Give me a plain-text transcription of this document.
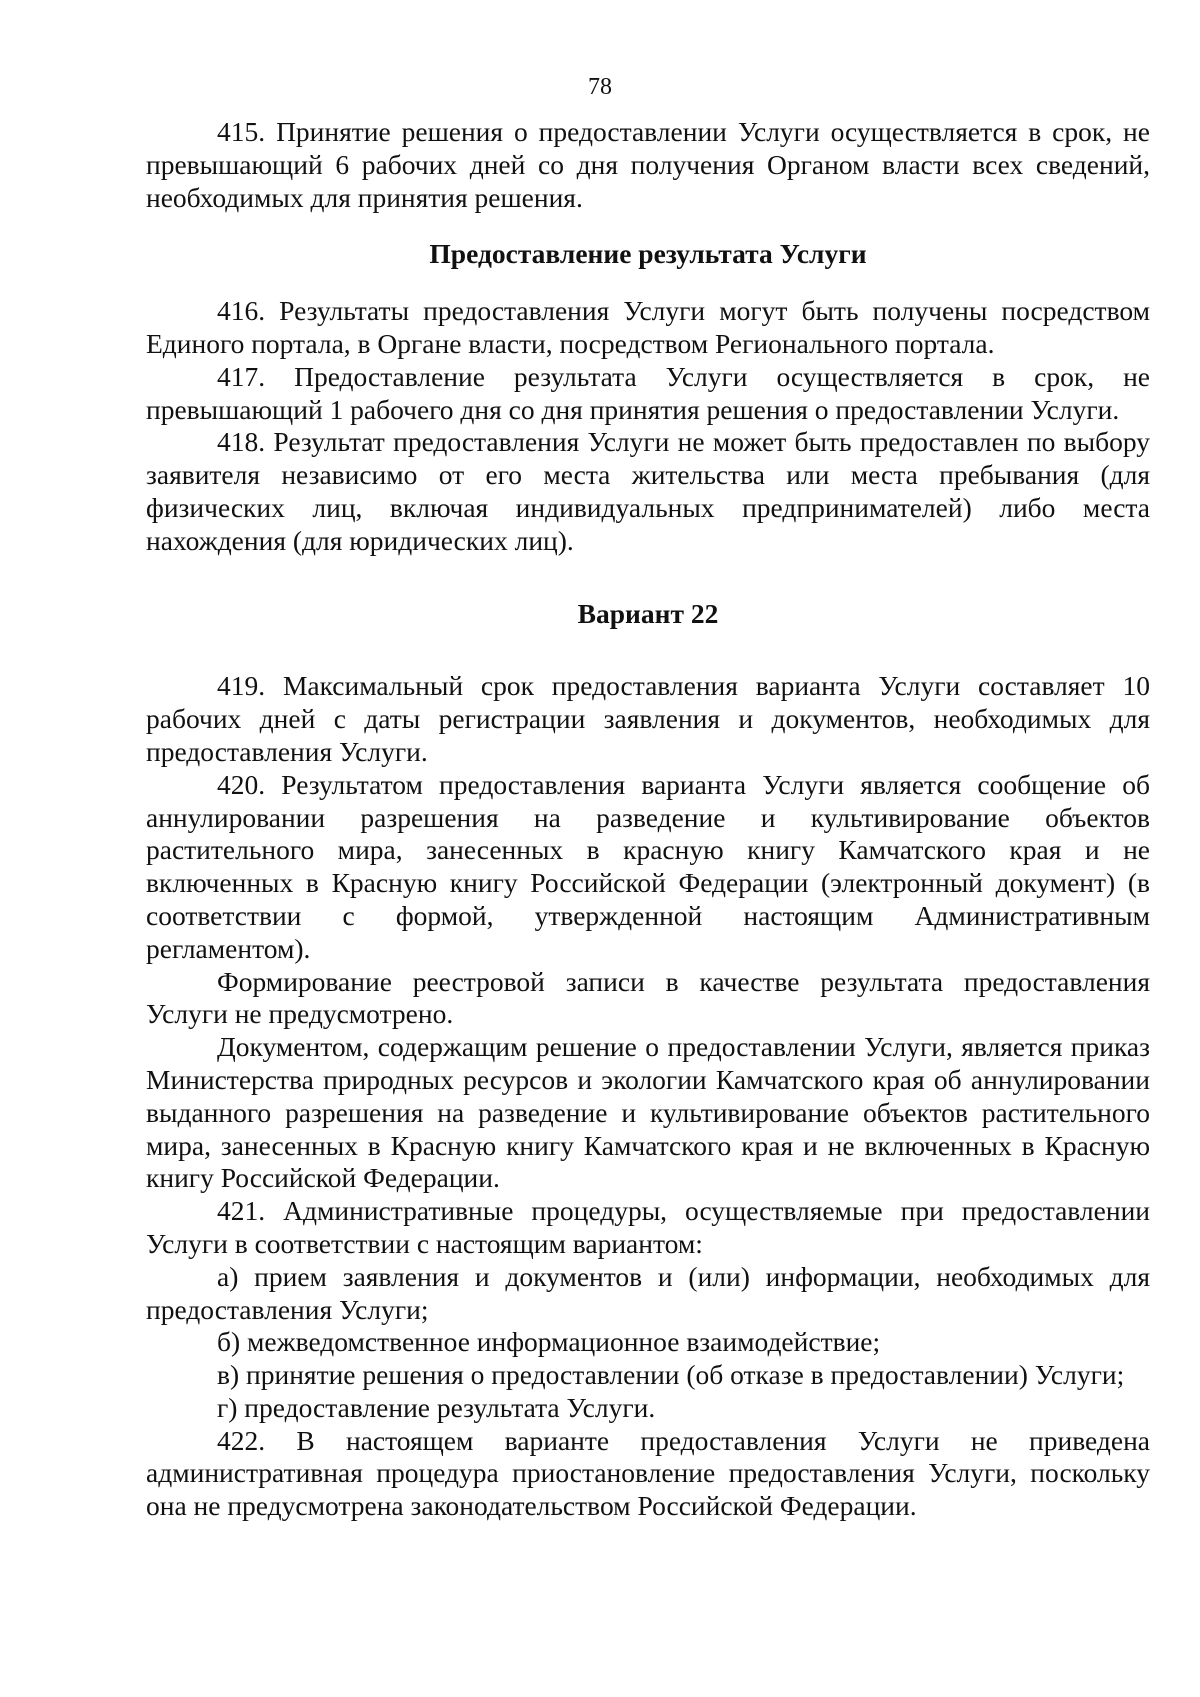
78

415. Принятие решения о предоставлении Услуги осуществляется в срок, не превышающий 6 рабочих дней со дня получения Органом власти всех сведений, необходимых для принятия решения.

Предоставление результата Услуги

416. Результаты предоставления Услуги могут быть получены посредством Единого портала, в Органе власти, посредством Регионального портала.

417. Предоставление результата Услуги осуществляется в срок, не превышающий 1 рабочего дня со дня принятия решения о предоставлении Услуги.

418. Результат предоставления Услуги не может быть предоставлен по выбору заявителя независимо от его места жительства или места пребывания (для физических лиц, включая индивидуальных предпринимателей) либо места нахождения (для юридических лиц).

Вариант 22

419. Максимальный срок предоставления варианта Услуги составляет 10 рабочих дней с даты регистрации заявления и документов, необходимых для предоставления Услуги.

420. Результатом предоставления варианта Услуги является сообщение об аннулировании разрешения на разведение и культивирование объектов растительного мира, занесенных в красную книгу Камчатского края и не включенных в Красную книгу Российской Федерации (электронный документ) (в соответствии с формой, утвержденной настоящим Административным регламентом).

Формирование реестровой записи в качестве результата предоставления Услуги не предусмотрено.

Документом, содержащим решение о предоставлении Услуги, является приказ Министерства природных ресурсов и экологии Камчатского края об аннулировании выданного разрешения на разведение и культивирование объектов растительного мира, занесенных в Красную книгу Камчатского края и не включенных в Красную книгу Российской Федерации.

421. Административные процедуры, осуществляемые при предоставлении Услуги в соответствии с настоящим вариантом:

а) прием заявления и документов и (или) информации, необходимых для предоставления Услуги;

б) межведомственное информационное взаимодействие;

в) принятие решения о предоставлении (об отказе в предоставлении) Услуги;

г) предоставление результата Услуги.

422. В настоящем варианте предоставления Услуги не приведена административная процедура приостановление предоставления Услуги, поскольку она не предусмотрена законодательством Российской Федерации.
